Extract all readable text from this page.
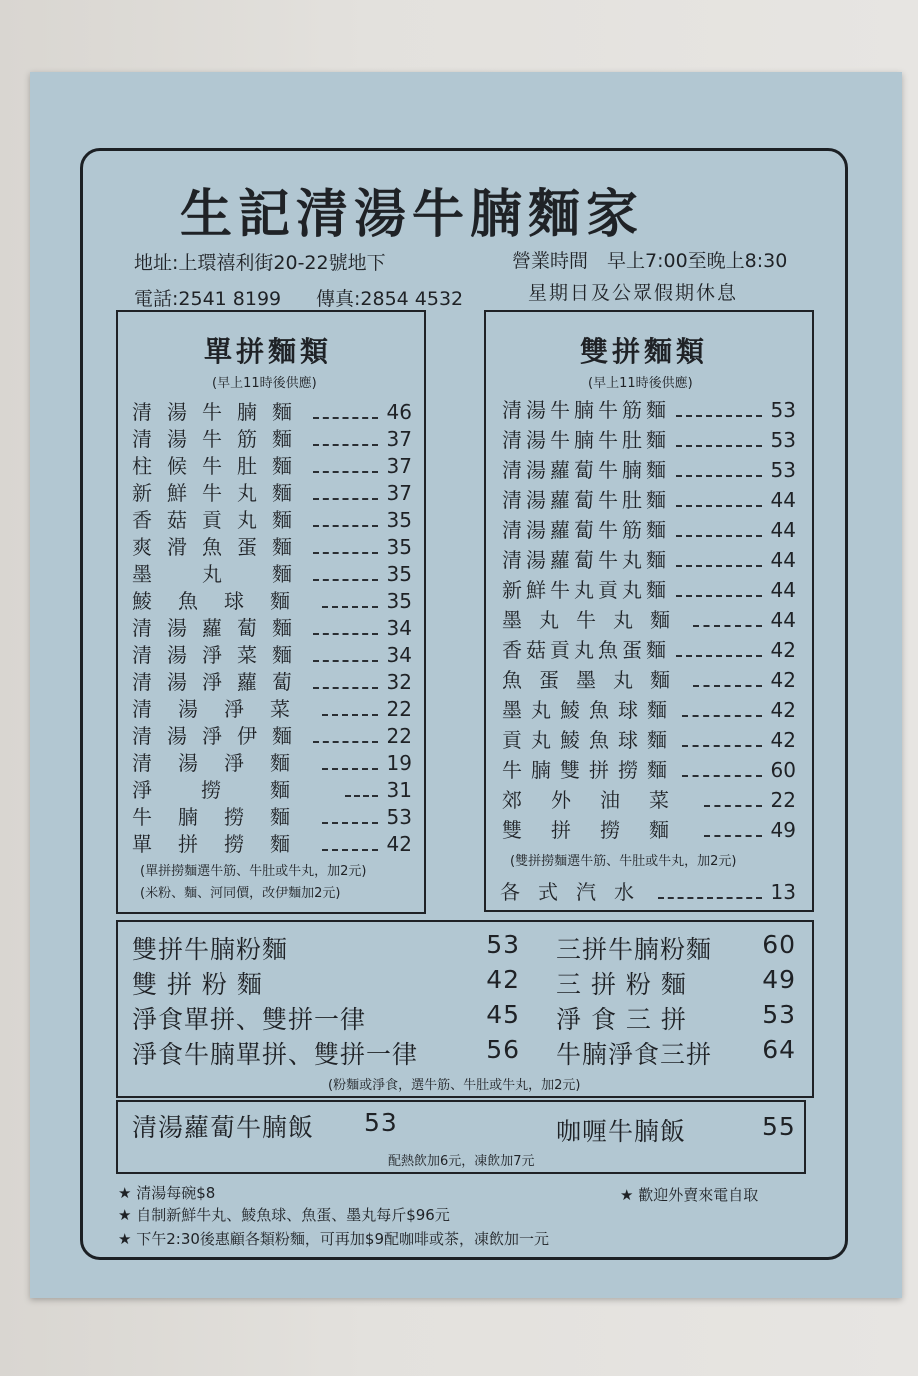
生記清湯牛腩麵家
地址:上環禧利街20-22號地下	營業時間　早上7:00至晚上8:30
電話:2541 8199 傳真:2854 4532	星期日及公眾假期休息
單拼麵類
(早上11時後供應)
清湯牛腩麵	46
清湯牛筋麵	37
柱候牛肚麵	37
新鮮牛丸麵	37
香菇貢丸麵	35
爽滑魚蛋麵	35
墨　丸　麵	35
鯪魚球麵	35
清湯蘿蔔麵	34
清湯淨菜麵	34
清湯淨蘿蔔	32
清湯淨菜	22
清湯淨伊麵	22
清湯淨麵	19
淨撈麵 31
牛腩撈麵	53
單拼撈麵	42
(單拼撈麵選牛筋、牛肚或牛丸，加2元)
(米粉、麵、河同價，改伊麵加2元)
雙拼麵類
(早上11時後供應)
清湯牛腩牛筋麵	53
清湯牛腩牛肚麵	53
清湯蘿蔔牛腩麵	53
清湯蘿蔔牛肚麵	44
清湯蘿蔔牛筋麵	44
清湯蘿蔔牛丸麵	44
新鮮牛丸貢丸麵	44
墨丸牛丸麵	44
香菇貢丸魚蛋麵	42
魚蛋墨丸麵	42
墨丸鯪魚球麵	42
貢丸鯪魚球麵	42
牛腩雙拼撈麵	60
郊外油菜	22
雙拼撈麵	49
(雙拼撈麵選牛筋、牛肚或牛丸，加2元)
各式汽水	13
雙拼牛腩粉麵	53
雙 拼 粉 麵	42
淨食單拼、雙拼一律	45
淨食牛腩單拼、雙拼一律	56
三拼牛腩粉麵 60
三 拼 粉 麵	49
淨 食 三 拼	53
牛腩淨食三拼 64
(粉麵或淨食，選牛筋、牛肚或牛丸，加2元)
清湯蘿蔔牛腩飯 53	咖喱牛腩飯	55
配熱飲加6元，凍飲加7元
★ 清湯每碗$8	★ 歡迎外賣來電自取
★ 自制新鮮牛丸、鯪魚球、魚蛋、墨丸每斤$96元
★ 下午2:30後惠顧各類粉麵，可再加$9配咖啡或茶，凍飲加一元
